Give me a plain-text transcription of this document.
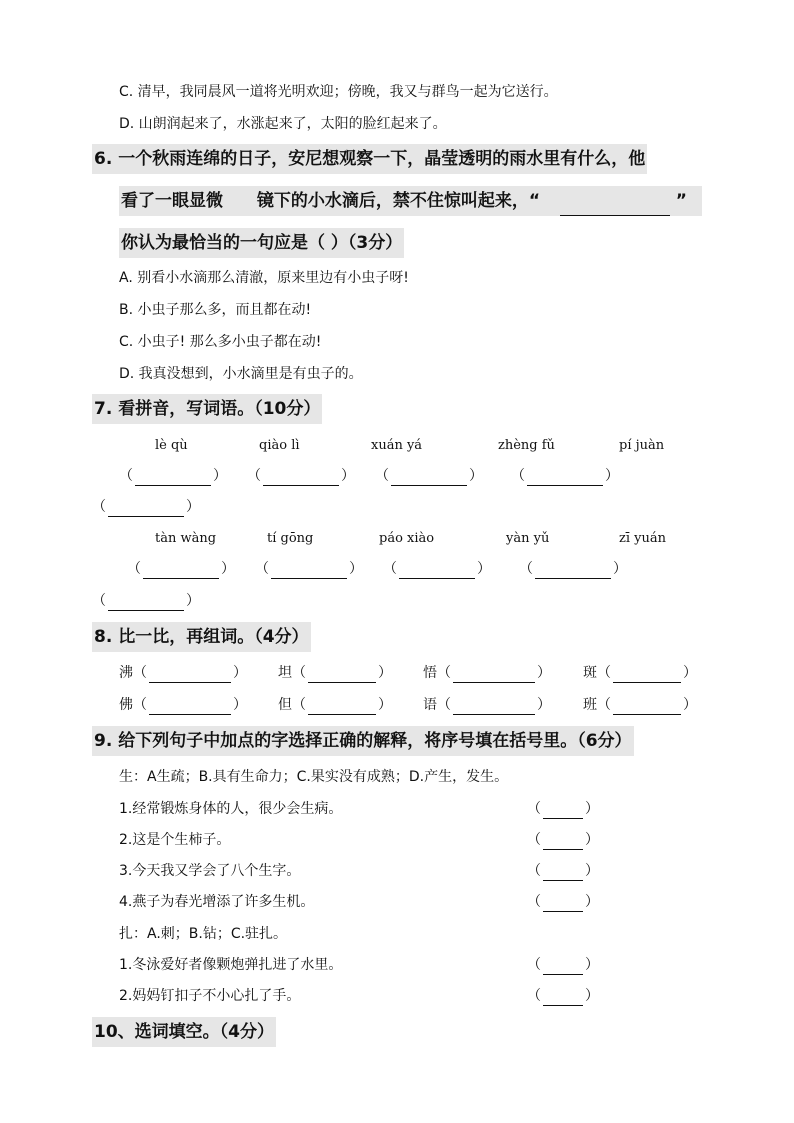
C. 清早，我同晨风一道将光明欢迎；傍晚，我又与群鸟一起为它送行。
D. 山朗润起来了，水涨起来了，太阳的脸红起来了。
6. 一个秋雨连绵的日子，安尼想观察一下，晶莹透明的雨水里有什么，他
看了一眼显微 镜下的小水滴后，禁不住惊叫起来，“	”
你认为最恰当的一句应是（ ）（3分）
A. 别看小水滴那么清澈，原来里边有小虫子呀!
B. 小虫子那么多，而且都在动!
C. 小虫子! 那么多小虫子都在动!
D. 我真没想到，小水滴里是有虫子的。
7. 看拼音，写词语。（10分）
lè qù	qiào lì	xuán yá	zhèng fǔ	pí juàn
（	） （	） （	） （	）
（	）
tàn wàng	tí gōng	páo xiào	yàn yǔ	zī yuán
（	） （	） （	） （	）
（	）
8. 比一比，再组词。（4分）
沸（	） 坦（	） 悟（	） 斑（	）
佛（	） 但（	） 语（	） 班（	）
9. 给下列句子中加点的字选择正确的解释，将序号填在括号里。（6分）
生：A生疏；B.具有生命力；C.果实没有成熟；D.产生，发生。
1.经常锻炼身体的人，很少会生病。	（	）
2.这是个生柿子。	（	）
3.今天我又学会了八个生字。	（	）
4.燕子为春光增添了许多生机。	（	）
扎：A.刺；B.钻；C.驻扎。
1.冬泳爱好者像颗炮弹扎进了水里。	（	）
2.妈妈钉扣子不小心扎了手。	（	）
10、选词填空。（4分）
